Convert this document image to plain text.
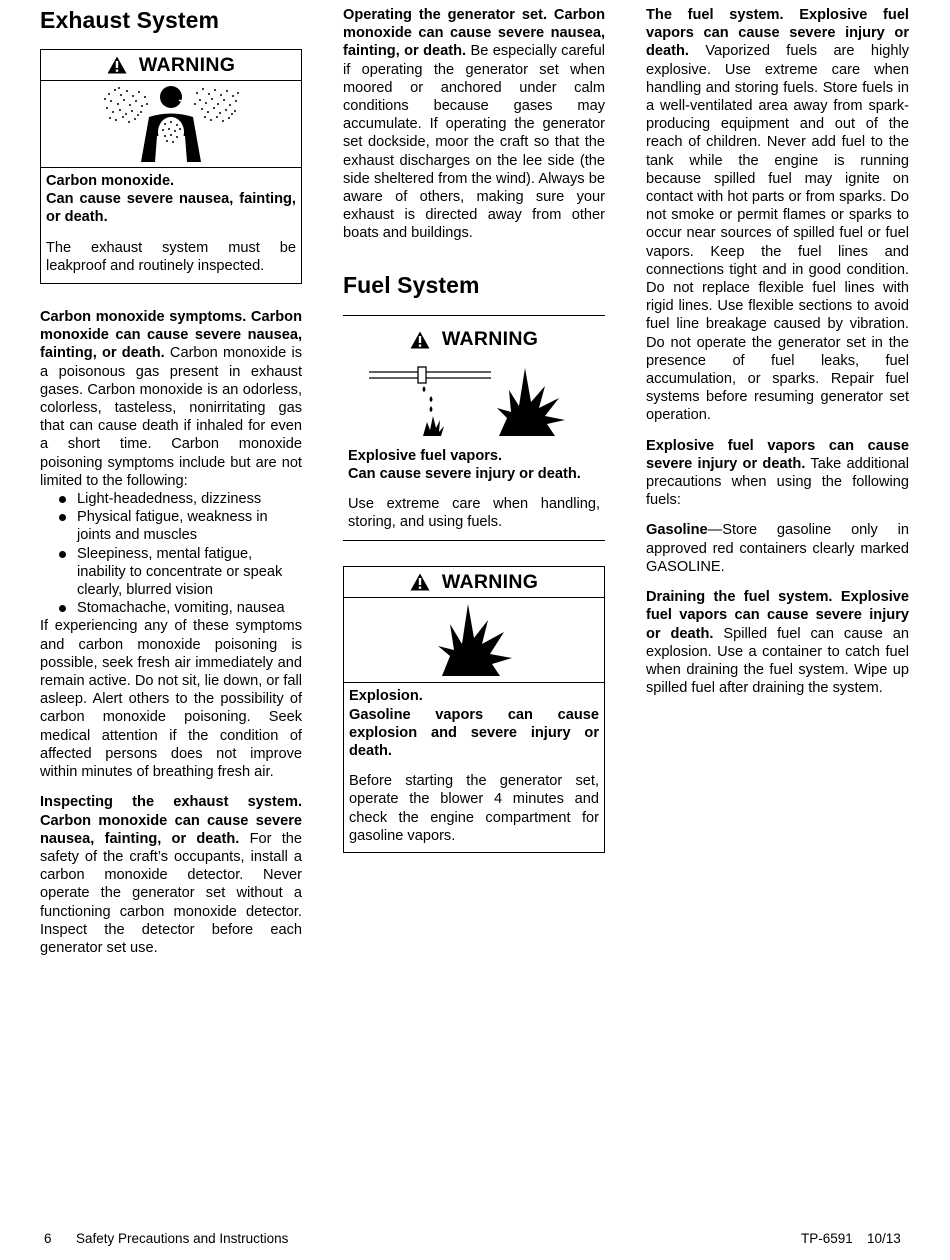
Exhaust System
WARNING

Carbon monoxide.

Can cause severe nausea, fainting, or death.

The exhaust system must be leakproof and routinely inspected.

Carbon monoxide symptoms. Carbon monoxide can cause severe nausea, fainting, or death. Carbon monoxide is a poisonous gas present in exhaust gases. Carbon monoxide is an odorless, colorless, tasteless, nonirritating gas that can cause death if inhaled for even a short time. Carbon monoxide poisoning symptoms include but are not limited to the following:

Light-headedness, dizziness
Physical fatigue, weakness in joints and muscles
Sleepiness, mental fatigue, inability to concentrate or speak clearly, blurred vision
Stomachache, vomiting, nausea

If experiencing any of these symptoms and carbon monoxide poisoning is possible, seek fresh air immediately and remain active. Do not sit, lie down, or fall asleep. Alert others to the possibility of carbon monoxide poisoning. Seek medical attention if the condition of affected persons does not improve within minutes of breathing fresh air.

Inspecting the exhaust system. Carbon monoxide can cause severe nausea, fainting, or death. For the safety of the craft’s occupants, install a carbon monoxide detector. Never operate the generator set without a functioning carbon monoxide detector. Inspect the detector before each generator set use.

Operating the generator set. Carbon monoxide can cause severe nausea, fainting, or death. Be especially careful if operating the generator set when moored or anchored under calm conditions because gases may accumulate. If operating the generator set dockside, moor the craft so that the exhaust discharges on the lee side (the side sheltered from the wind). Always be aware of others, making sure your exhaust is directed away from other boats and buildings.

Fuel System
WARNING

Explosive fuel vapors.

Can cause severe injury or death.

Use extreme care when handling, storing, and using fuels.

WARNING

Explosion.

Gasoline vapors can cause explosion and severe injury or death.

Before starting the generator set, operate the blower 4 minutes and check the engine compartment for gasoline vapors.

The fuel system. Explosive fuel vapors can cause severe injury or death. Vaporized fuels are highly explosive. Use extreme care when handling and storing fuels. Store fuels in a well-ventilated area away from spark-producing equipment and out of the reach of children. Never add fuel to the tank while the engine is running because spilled fuel may ignite on contact with hot parts or from sparks. Do not smoke or permit flames or sparks to occur near sources of spilled fuel or fuel vapors. Keep the fuel lines and connections tight and in good condition. Do not replace flexible fuel lines with rigid lines. Use flexible sections to avoid fuel line breakage caused by vibration. Do not operate the generator set in the presence of fuel leaks, fuel accumulation, or sparks. Repair fuel systems before resuming generator set operation.

Explosive fuel vapors can cause severe injury or death. Take additional precautions when using the following fuels:

Gasoline—Store gasoline only in approved red containers clearly marked GASOLINE.

Draining the fuel system. Explosive fuel vapors can cause severe injury or death. Spilled fuel can cause an explosion. Use a container to catch fuel when draining the fuel system. Wipe up spilled fuel after draining the system.

6 Safety Precautions and Instructions	TP-6591 10/13
